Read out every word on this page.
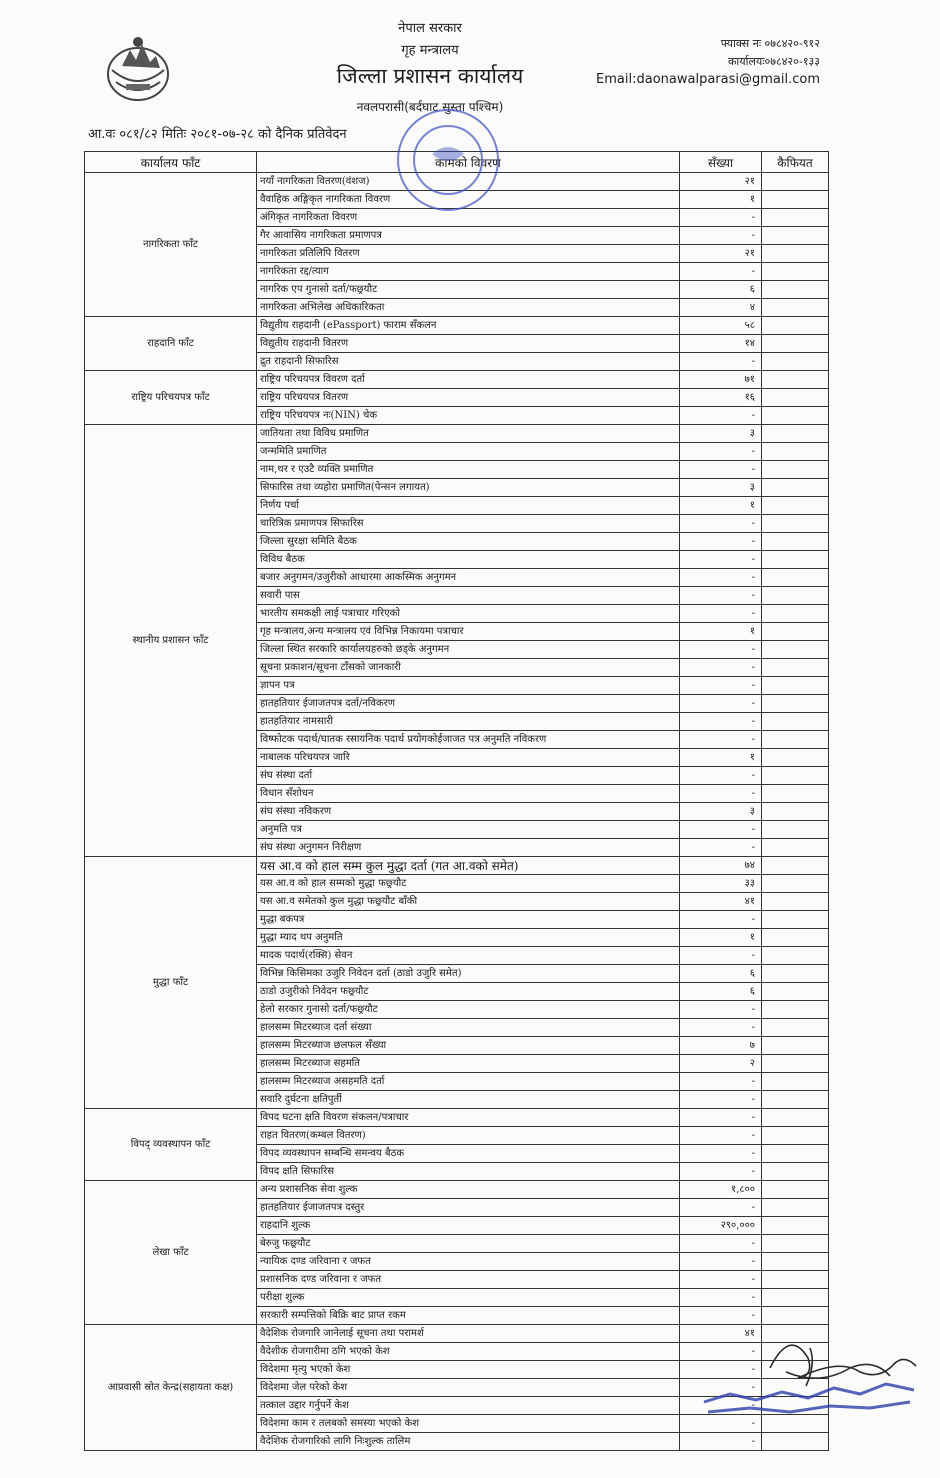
नेपाल सरकार
गृह मन्त्रालय
जिल्ला प्रशासन कार्यालय
नवलपरासी(बर्दघाट सुस्ता पश्चिम)
फ्याक्स नः ०७८४२०-९१२
कार्यालयः०७८४२०-१३३
Email:daonawalparasi@gmail.com
आ.वः ०८१/८२ मितिः २०८१-०७-२८ को दैनिक प्रतिवेदन
कार्यालय फाँट	कामको विवरण	सँख्या	कैफियत
नागरिकता फाँट	नयाँ नागरिकता वितरण(वंशज)	२१	
	वैवाहिक अङ्गिकृत नागरिकता विवरण	१	
	अंगिकृत नागरिकता विवरण	-	
	गैर आवासिय नागरिकता प्रमाणपत्र	-	
	नागरिकता प्रतिलिपि वितरण	२१	
	नागरिकता रद्द/त्याग	-	
	नागरिक एप गुनासो दर्ता/फछ्र्यौट	६	
	नागरिकता अभिलेख अधिकारिकता	४	
राहदानि फाँट	विद्युतीय राहदानी (ePassport) फाराम सँकलन	५८	
	विद्युतीय राहदानी वितरण	१४	
	द्रुत राहदानी सिफारिस	-	
राष्ट्रिय परिचयपत्र फाँट	राष्ट्रिय परिचयपत्र विवरण दर्ता	७१	
	राष्ट्रिय परिचयपत्र वितरण	१६	
	राष्ट्रिय परिचयपत्र नः(NIN) चेक	-	
स्थानीय प्रशासन फाँट	जातियता तथा विविध प्रमाणित	३	
	जन्ममिति प्रमाणित	-	
	नाम,थर र एउटै व्यक्ति प्रमाणित	-	
	सिफारिस तथा व्यहोरा प्रमाणित(पेन्सन लगायत)	३	
	निर्णय पर्चा	१	
	चारित्रिक प्रमाणपत्र सिफारिस	-	
	जिल्ला सुरक्षा समिति बैठक	-	
	विविध बैठक	-	
	बजार अनुगमन/उजुरीको आधारमा आकस्मिक अनुगमन	-	
	सवारी पास	-	
	भारतीय समकक्षी लाई पत्राचार गरिएको	-	
	गृह मन्त्रालय,अन्य मन्त्रालय एवं विभिन्न निकायमा पत्राचार	१	
	जिल्ला स्थित सरकारि कार्यालयहरुको छड्के अनुगमन	-	
	सूचना प्रकाशन/सूचना टाँसको जानकारी	-	
	ज्ञापन पत्र	-	
	हातहतियार ईजाजतपत्र दर्ता/नविकरण	-	
	हातहतियार नामसारी	-	
	विष्फोटक पदार्थ/घातक रसायनिक पदार्थ प्रयोगकोईजाजत पत्र अनुमति नविकरण	-	
	नाबालक परिचयपत्र जारि	१	
	संघ संस्था दर्ता	-	
	विधान सँशोधन	-	
	संघ संस्था नविकरण	३	
	अनुमति पत्र	-	
	संघ संस्था अनुगमन निरीक्षण	-	
मुद्धा फाँट	यस आ.व को हाल सम्म कुल मुद्धा दर्ता (गत आ.वको समेत)	७४	
	यस आ.व को हाल सम्मको मुद्धा फछ्र्यौट	३३	
	यस आ.व समेतको कुल मुद्धा फछ्र्यौट बाँकी	४१	
	मुद्धा बकपत्र	-	
	मुद्धा म्याद थप अनुमति	१	
	मादक पदार्थ(रक्सि) सेवन	-	
	विभिन्न किसिमका उजुरि निवेदन दर्ता (ठाडो उजुरि समेत)	६	
	ठाडो उजुरीको निवेदन फछ्र्यौट	६	
	हेलो सरकार गुनासो दर्ता/फछ्र्यौट	-	
	हालसम्म मिटरब्याज दर्ता संख्या	-	
	हालसम्म मिटरब्याज छलफल सँख्या	७	
	हालसम्म मिटरब्याज सहमति	२	
	हालसम्म मिटरब्याज असहमति दर्ता	-	
	सवारि दुर्घटना क्षतिपुर्ती	-	
विपद् व्यवस्थापन फाँट	विपद घटना क्षति विवरण संकलन/पत्राचार	-	
	राहत वितरण(कम्बल वितरण)	-	
	विपद व्यवस्थापन सम्बन्धि समन्वय बैठक	-	
	विपद क्षति सिफारिस	-	
लेखा फाँट	अन्य प्रशासनिक सेवा शुल्क	१,८००	
	हातहतियार ईजाजतपत्र दस्तुर	-	
	राहदानि शुल्क	२९०,०००	
	बेरुजु फछ्र्यौट	-	
	न्यायिक दण्ड जरिवाना र जफत	-	
	प्रशासनिक दण्ड जरिवाना र जफत	-	
	परीक्षा शुल्क	-	
	सरकारी सम्पत्तिको बिक्रि बाट प्राप्त रकम	-	
आप्रवासी स्रोत केन्द्र(सहायता कक्ष)	वैदेशिक रोजगारि जानेलाई सूचना तथा परामर्श	४१	
	वैदेशीक रोजगारीमा ठगि भएको केश	-	
	विदेशमा मृत्यु भएको केश	-	
	विदेशमा जेल परेको केश	-	
	तत्काल उद्दार गर्नुपर्ने केश	-	
	विदेशमा काम र तलबको समस्या भएको केश	-	
	वैदेशिक रोजगारिको लागि निःशुल्क तालिम	-	
